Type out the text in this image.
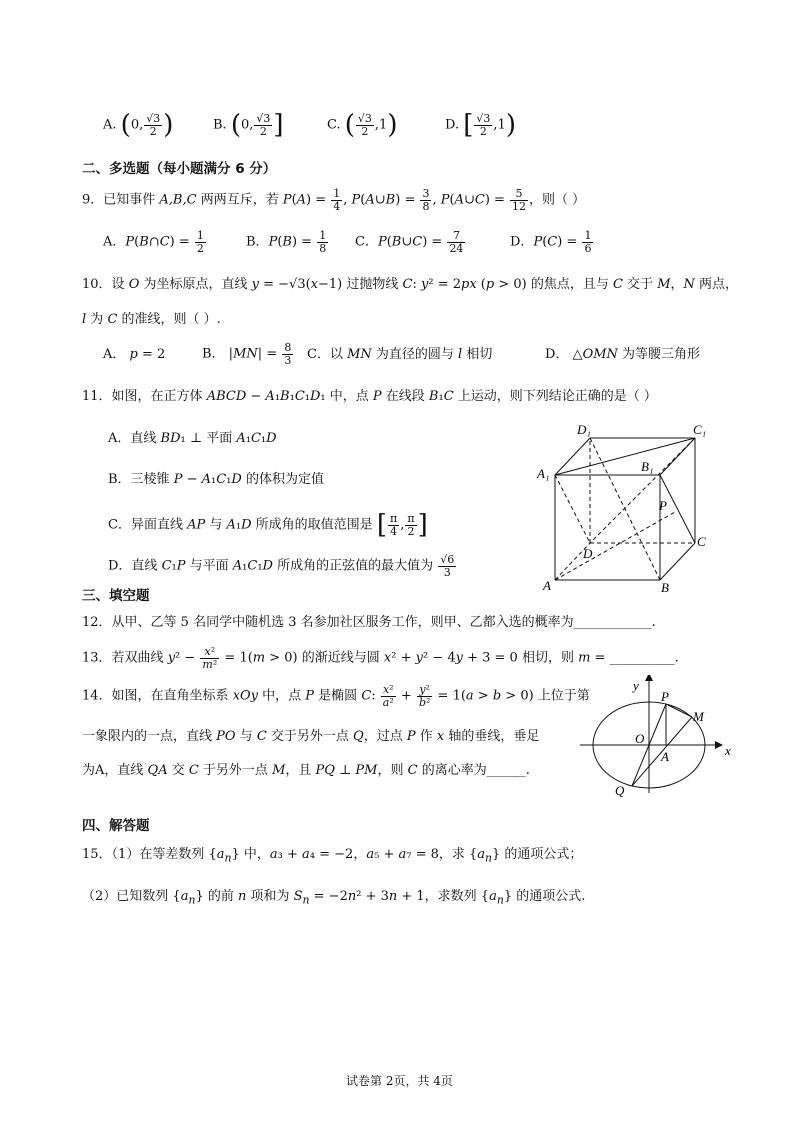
A. (0, $\frac{√3}{2}$ )	B. (0, $\frac{√3}{2}$ ]	C. ( $\frac{√3}{2} ,1$)	D. [ $\frac{√3}{2} ,1$)
二、多选题（每小题满分 6 分）
9．已知事件 A,B,C 两两互斥，若 $P(A) = \frac{1}{4}$ , P(A∪B) = $\frac{3}{8}$ , P(A∪C) = $\frac{5}{12}$ ，则（ ）
A．P(B∩C) = $\frac{1}{2}$	B．$P(B) = \frac{1}{8}$ C．P(B∪C) = $\frac{7}{24}$	D．$P(C) = \frac{1}{6}$
10．设 O 为坐标原点，直线 y = −√3(x−1) 过抛物线 C: y² = 2px (p > 0) 的焦点，且与 C 交于 M，N 两点，
l 为 C 的准线，则（ ）.
A． p = 2	B． $|MN| = \frac{8}{3}$ C．以 MN 为直径的圆与 l 相切	D． △OMN 为等腰三角形
11．如图，在正方体 ABCD − A₁B₁C₁D₁ 中，点 P 在线段 B₁C 上运动，则下列结论正确的是（ ）
A．直线 BD₁ ⊥ 平面 A₁C₁D
B．三棱锥 P − A₁C₁D 的体积为定值
C．异面直线 AP 与 A₁D 所成角的取值范围是 [ $\frac{\pi}{4}$ , $\frac{\pi}{2}$ ]
D．直线 C₁P 与平面 A₁C₁D 所成角的正弦值的最大值为 $\frac{√6}{3}$
D₁	C₁
A₁	B₁
P
D
C
A	B
三、填空题
12．从甲、乙等 5 名同学中随机选 3 名参加社区服务工作，则甲、乙都入选的概率为____________.
13．若双曲线 $y^2 - \frac{\text{x²}}{\text{m²}} = 1(m > 0)$ 的渐近线与圆 x² + y² − 4y + 3 = 0 相切，则 m = __________.
14．如图，在直角坐标系 xOy 中，点 P 是椭圆 C: $\frac{\text{x²}}{\text{a²}} + \frac{\text{y²}}{\text{b²}} = 1(a > b > 0)$ 上位于第
一象限内的一点，直线 PO 与 C 交于另外一点 Q，过点 P 作 x 轴的垂线，垂足
为A，直线 QA 交 C 于另外一点 M，且 PQ ⊥ PM，则 C 的离心率为______.
y
P
M
O
A	x
Q
四、解答题
15．（1）在等差数列 $\{a_n\}$ 中，a₃ + a₄ = −2，a₅ + a₇ = 8，求 $\{a_n\}$ 的通项公式；
（2）已知数列 $\{a_n\}$ 的前 n 项和为 $S_n = -2n^2 + 3n + 1$，求数列 $\{a_n\}$ 的通项公式.
试卷第 2页，共 4页
